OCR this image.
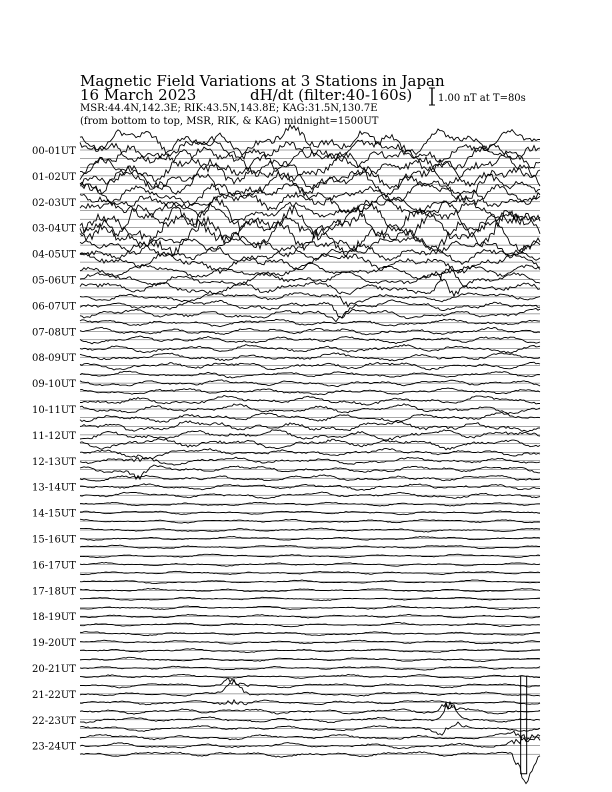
Magnetic Field Variations at 3 Stations in Japan
16 March 2023	dH/dt (filter:40-160s)
MSR:44.4N,142.3E; RIK:43.5N,143.8E; KAG:31.5N,130.7E
(from bottom to top, MSR, RIK, & KAG) midnight=1500UT
1.00 nT at T=80s
00-01UT
01-02UT
02-03UT
03-04UT
04-05UT
05-06UT
06-07UT
07-08UT
08-09UT
09-10UT
10-11UT
11-12UT
12-13UT
13-14UT
14-15UT
15-16UT
16-17UT
17-18UT
18-19UT
19-20UT
20-21UT
21-22UT
22-23UT
23-24UT
